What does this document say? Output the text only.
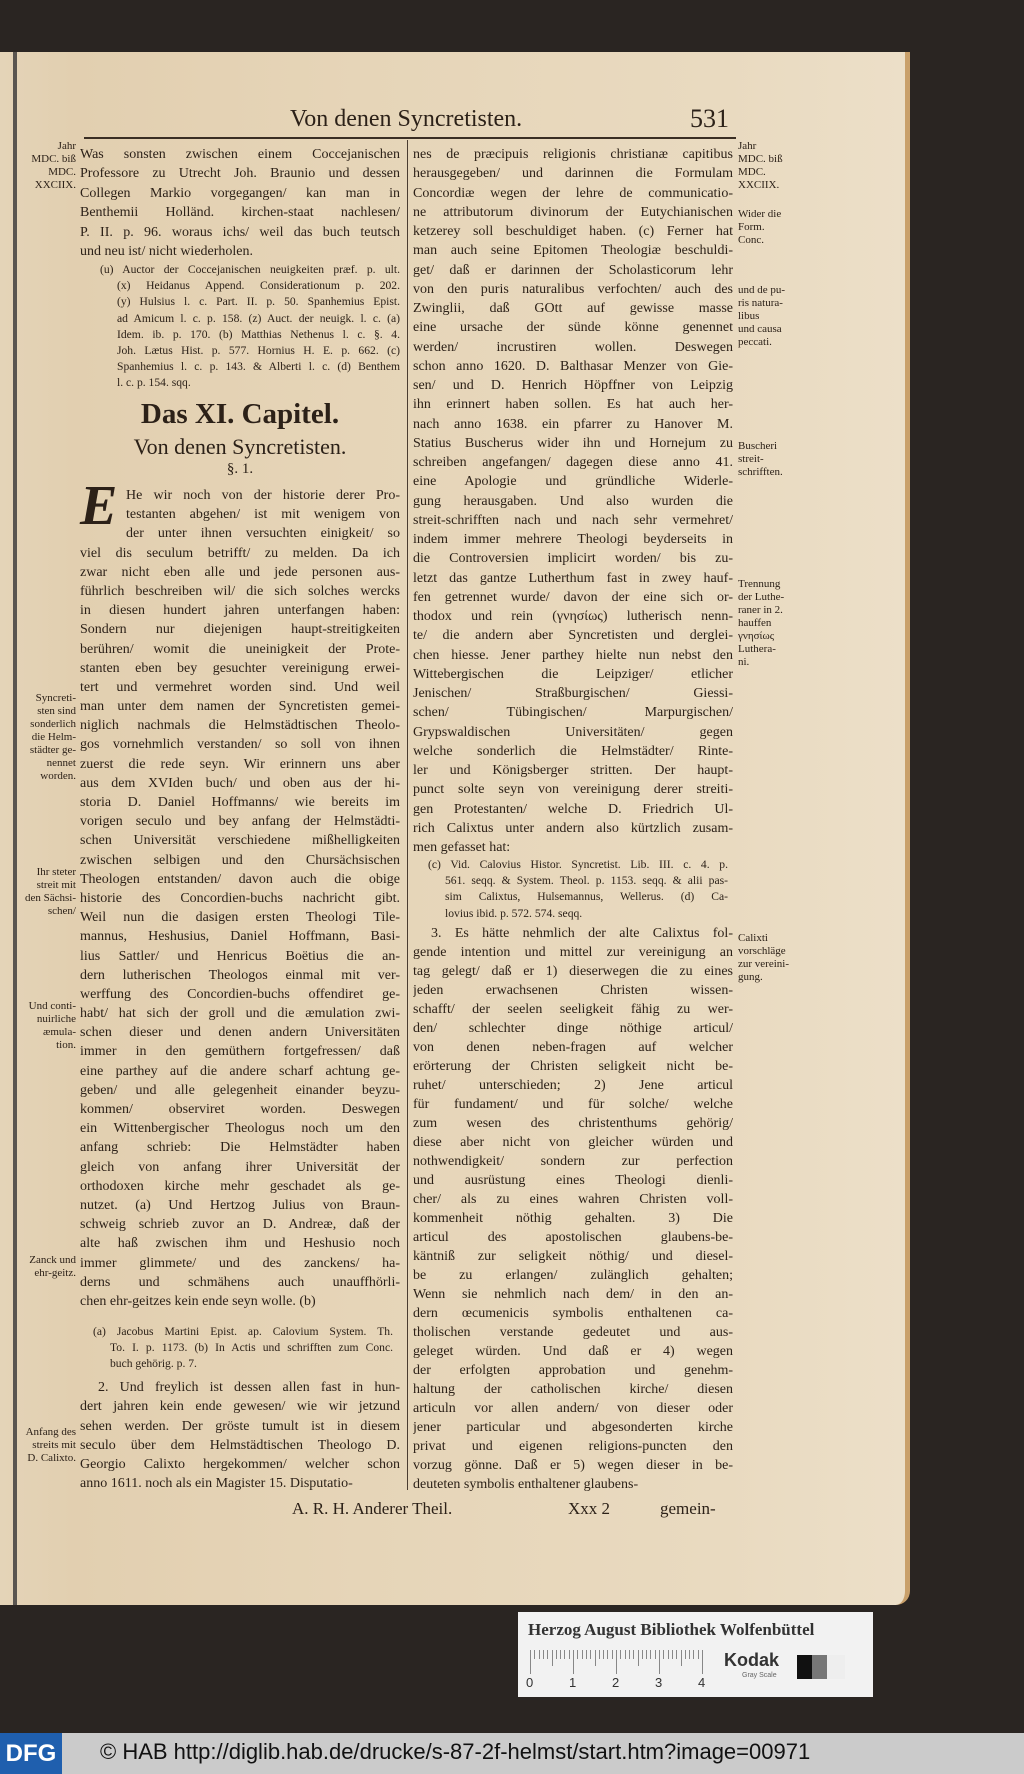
Von denen Syncretisten.	531
Was sonsten zwischen einem Coccejanischen
Professore zu Utrecht Joh. Braunio und dessen
Collegen Markio vorgegangen/ kan man in
Benthemii Holländ. kirchen-staat nachlesen/
P. II. p. 96. woraus ichs/ weil das buch teutsch
und neu ist/ nicht wiederholen.
(u) Auctor der Coccejanischen neuigkeiten præf. p. ult.
(x) Heidanus Append. Considerationum p. 202.
(y) Hulsius l. c. Part. II. p. 50. Spanhemius Epist.
ad Amicum l. c. p. 158. (z) Auct. der neuigk. l. c. (a)
Idem. ib. p. 170. (b) Matthias Nethenus l. c. §. 4.
Joh. Lætus Hist. p. 577. Hornius H. E. p. 662. (c)
Spanhemius l. c. p. 143. & Alberti l. c. (d) Benthem
l. c. p. 154. sqq.
Das XI. Capitel.
Von denen Syncretisten.
§. 1.
E He wir noch von der historie derer Pro-
testanten abgehen/ ist mit wenigem von
der unter ihnen versuchten einigkeit/ so
viel dis seculum betrifft/ zu melden. Da ich
zwar nicht eben alle und jede personen aus-
führlich beschreiben wil/ die sich solches wercks
in diesen hundert jahren unterfangen haben:
Sondern nur diejenigen haupt-streitigkeiten
berühren/ womit die uneinigkeit der Prote-
stanten eben bey gesuchter vereinigung erwei-
tert und vermehret worden sind. Und weil
man unter dem namen der Syncretisten gemei-
niglich nachmals die Helmstädtischen Theolo-
gos vornehmlich verstanden/ so soll von ihnen
zuerst die rede seyn. Wir erinnern uns aber
aus dem XVIden buch/ und oben aus der hi-
storia D. Daniel Hoffmanns/ wie bereits im
vorigen seculo und bey anfang der Helmstädti-
schen Universität verschiedene mißhelligkeiten
zwischen selbigen und den Chursächsischen
Theologen entstanden/ davon auch die obige
historie des Concordien-buchs nachricht gibt.
Weil nun die dasigen ersten Theologi Tile-
mannus, Heshusius, Daniel Hoffmann, Basi-
lius Sattler/ und Henricus Boëtius die an-
dern lutherischen Theologos einmal mit ver-
werffung des Concordien-buchs offendiret ge-
habt/ hat sich der groll und die æmulation zwi-
schen dieser und denen andern Universitäten
immer in den gemüthern fortgefressen/ daß
eine parthey auf die andere scharf achtung ge-
geben/ und alle gelegenheit einander beyzu-
kommen/ observiret worden. Deswegen
ein Wittenbergischer Theologus noch um den
anfang schrieb: Die Helmstädter haben
gleich von anfang ihrer Universität der
orthodoxen kirche mehr geschadet als ge-
nutzet. (a) Und Hertzog Julius von Braun-
schweig schrieb zuvor an D. Andreæ, daß der
alte haß zwischen ihm und Heshusio noch
immer glimmete/ und des zanckens/ ha-
derns und schmähens auch unauffhörli-
chen ehr-geitzes kein ende seyn wolle. (b)
(a) Jacobus Martini Epist. ap. Calovium System. Th.
To. I. p. 1173. (b) In Actis und schrifften zum Conc.
buch gehörig. p. 7.
2. Und freylich ist dessen allen fast in hun-
dert jahren kein ende gewesen/ wie wir jetzund
sehen werden. Der gröste tumult ist in diesem
seculo über dem Helmstädtischen Theologo D.
Georgio Calixto hergekommen/ welcher schon
anno 1611. noch als ein Magister 15. Disputatio-
nes de præcipuis religionis christianæ capitibus
herausgegeben/ und darinnen die Formulam
Concordiæ wegen der lehre de communicatio-
ne attributorum divinorum der Eutychianischen
ketzerey soll beschuldiget haben. (c) Ferner hat
man auch seine Epitomen Theologiæ beschuldi-
get/ daß er darinnen der Scholasticorum lehr
von den puris naturalibus verfochten/ auch des
Zwinglii, daß GOtt auf gewisse masse
eine ursache der sünde könne genennet
werden/ incrustiren wollen. Deswegen
schon anno 1620. D. Balthasar Menzer von Gie-
sen/ und D. Henrich Höpffner von Leipzig
ihn erinnert haben sollen. Es hat auch her-
nach anno 1638. ein pfarrer zu Hanover M.
Statius Buscherus wider ihn und Hornejum zu
schreiben angefangen/ dagegen diese anno 41.
eine Apologie und gründliche Widerle-
gung herausgaben. Und also wurden die
streit-schrifften nach und nach sehr vermehret/
indem immer mehrere Theologi beyderseits in
die Controversien implicirt worden/ bis zu-
letzt das gantze Lutherthum fast in zwey hauf-
fen getrennet wurde/ davon der eine sich or-
thodox und rein (γνησίως) lutherisch nenn-
te/ die andern aber Syncretisten und derglei-
chen hiesse. Jener parthey hielte nun nebst den
Wittebergischen die Leipziger/ etlicher
Jenischen/ Straßburgischen/ Giessi-
schen/ Tübingischen/ Marpurgischen/
Grypswaldischen Universitäten/ gegen
welche sonderlich die Helmstädter/ Rinte-
ler und Königsberger stritten. Der haupt-
punct solte seyn von vereinigung derer streiti-
gen Protestanten/ welche D. Friedrich Ul-
rich Calixtus unter andern also kürtzlich zusam-
men gefasset hat:
(c) Vid. Calovius Histor. Syncretist. Lib. III. c. 4. p.
561. seqq. & System. Theol. p. 1153. seqq. & alii pas-
sim Calixtus, Hulsemannus, Wellerus. (d) Ca-
lovius ibid. p. 572. 574. seqq.
3. Es hätte nehmlich der alte Calixtus fol-
gende intention und mittel zur vereinigung an
tag gelegt/ daß er 1) dieserwegen die zu eines
jeden erwachsenen Christen wissen-
schafft/ der seelen seeligkeit fähig zu wer-
den/ schlechter dinge nöthige articul/
von denen neben-fragen auf welcher
erörterung der Christen seligkeit nicht be-
ruhet/ unterschieden; 2) Jene articul
für fundament/ und für solche/ welche
zum wesen des christenthums gehörig/
diese aber nicht von gleicher würden und
nothwendigkeit/ sondern zur perfection
und ausrüstung eines Theologi dienli-
cher/ als zu eines wahren Christen voll-
kommenheit nöthig gehalten. 3) Die
articul des apostolischen glaubens-be-
käntniß zur seligkeit nöthig/ und diesel-
be zu erlangen/ zulänglich gehalten;
Wenn sie nehmlich nach dem/ in den an-
dern œcumenicis symbolis enthaltenen ca-
tholischen verstande gedeutet und aus-
geleget würden. Und daß er 4) wegen
der erfolgten approbation und genehm-
haltung der catholischen kirche/ diesen
articuln vor allen andern/ von dieser oder
jener particular und abgesonderten kirche
privat und eigenen religions-puncten den
vorzug gönne. Daß er 5) wegen dieser in be-
deuteten symbolis enthaltener glaubens-
Jahr
MDC. biß
MDC.
XXCIIX.
Syncreti-
sten sind
sonderlich
die Helm-
städter ge-
nennet
worden.
Ihr steter
streit mit
den Sächsi-
schen/
Und conti-
nuirliche
æmula-
tion.
Zanck und
ehr-geitz.
Anfang des
streits mit
D. Calixto.
Jahr
MDC. biß
MDC.
XXCIIX.
Wider die
Form.
Conc.
und de pu-
ris natura-
libus
und causa
peccati.
Buscheri
streit-
schrifften.
Trennung
der Luthe-
raner in 2.
hauffen
γνησίως
Luthera-
ni.
Calixti
vorschläge
zur vereini-
gung.
A. R. H. Anderer Theil.	Xxx 2	gemein-
Herzog August Bibliothek Wolfenbüttel
Kodak
Gray Scale
0	1	2	3	4
DFG © HAB http://diglib.hab.de/drucke/s-87-2f-helmst/start.htm?image=00971
